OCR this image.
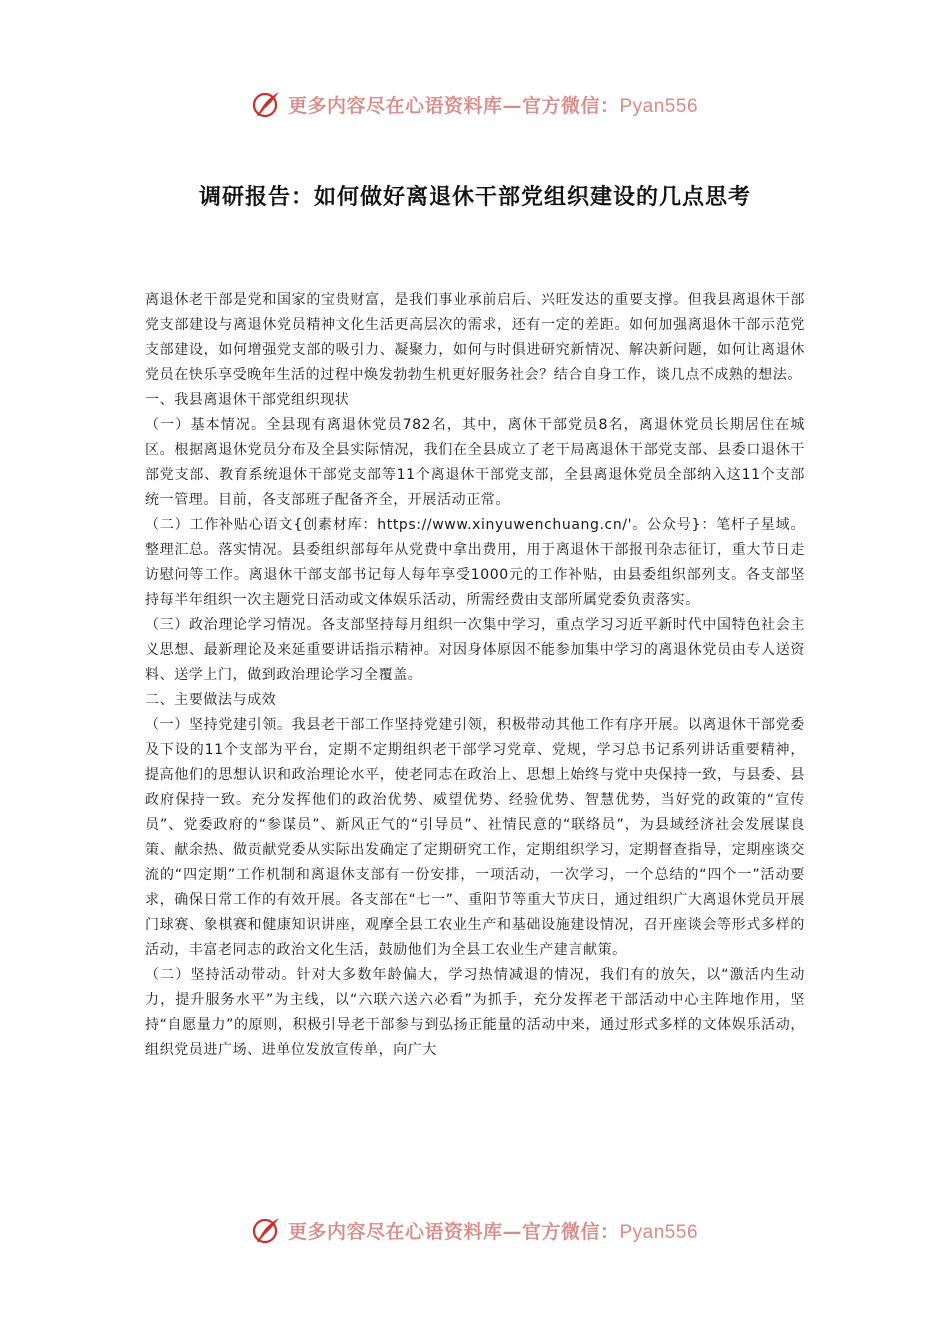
更多内容尽在心语资料库—官方微信：Pyan556
调研报告：如何做好离退休干部党组织建设的几点思考

离退休老干部是党和国家的宝贵财富，是我们事业承前启后、兴旺发达的重要支撑。但我县离退休干部党支部建设与离退休党员精神文化生活更高层次的需求，还有一定的差距。如何加强离退休干部示范党支部建设，如何增强党支部的吸引力、凝聚力，如何与时俱进研究新情况、解决新问题，如何让离退休党员在快乐享受晚年生活的过程中焕发勃勃生机更好服务社会？结合自身工作，谈几点不成熟的想法。

一、我县离退休干部党组织现状

（一）基本情况。全县现有离退休党员782名，其中，离休干部党员8名，离退休党员长期居住在城区。根据离退休党员分布及全县实际情况，我们在全县成立了老干局离退休干部党支部、县委口退休干部党支部、教育系统退休干部党支部等11个离退休干部党支部，全县离退休党员全部纳入这11个支部统一管理。目前，各支部班子配备齐全，开展活动正常。

（二）工作补贴心语文{创素材库：https://www.xinyuwenchuang.cn/'。公众号}：笔杆子星域。整理汇总。落实情况。县委组织部每年从党费中拿出费用，用于离退休干部报刊杂志征订，重大节日走访慰问等工作。离退休干部支部书记每人每年享受1000元的工作补贴，由县委组织部列支。各支部坚持每半年组织一次主题党日活动或文体娱乐活动，所需经费由支部所属党委负责落实。

（三）政治理论学习情况。各支部坚持每月组织一次集中学习，重点学习习近平新时代中国特色社会主义思想、最新理论及来延重要讲话指示精神。对因身体原因不能参加集中学习的离退休党员由专人送资料、送学上门，做到政治理论学习全覆盖。

二、主要做法与成效

（一）坚持党建引领。我县老干部工作坚持党建引领，积极带动其他工作有序开展。以离退休干部党委及下设的11个支部为平台，定期不定期组织老干部学习党章、党规，学习总书记系列讲话重要精神，提高他们的思想认识和政治理论水平，使老同志在政治上、思想上始终与党中央保持一致，与县委、县政府保持一致。充分发挥他们的政治优势、威望优势、经验优势、智慧优势，当好党的政策的“宣传员”、党委政府的“参谋员”、新风正气的“引导员”、社情民意的“联络员”，为县域经济社会发展谋良策、献余热、做贡献党委从实际出发确定了定期研究工作，定期组织学习，定期督查指导，定期座谈交流的“四定期”工作机制和离退休支部有一份安排，一项活动，一次学习，一个总结的“四个一”活动要求，确保日常工作的有效开展。各支部在“七一”、重阳节等重大节庆日，通过组织广大离退休党员开展门球赛、象棋赛和健康知识讲座，观摩全县工农业生产和基础设施建设情况，召开座谈会等形式多样的活动，丰富老同志的政治文化生活，鼓励他们为全县工农业生产建言献策。

（二）坚持活动带动。针对大多数年龄偏大，学习热情减退的情况，我们有的放矢，以“激活内生动力，提升服务水平”为主线，以“六联六送六必看”为抓手，充分发挥老干部活动中心主阵地作用，坚持“自愿量力”的原则，积极引导老干部参与到弘扬正能量的活动中来，通过形式多样的文体娱乐活动，组织党员进广场、进单位发放宣传单，向广大

更多内容尽在心语资料库—官方微信：Pyan556
